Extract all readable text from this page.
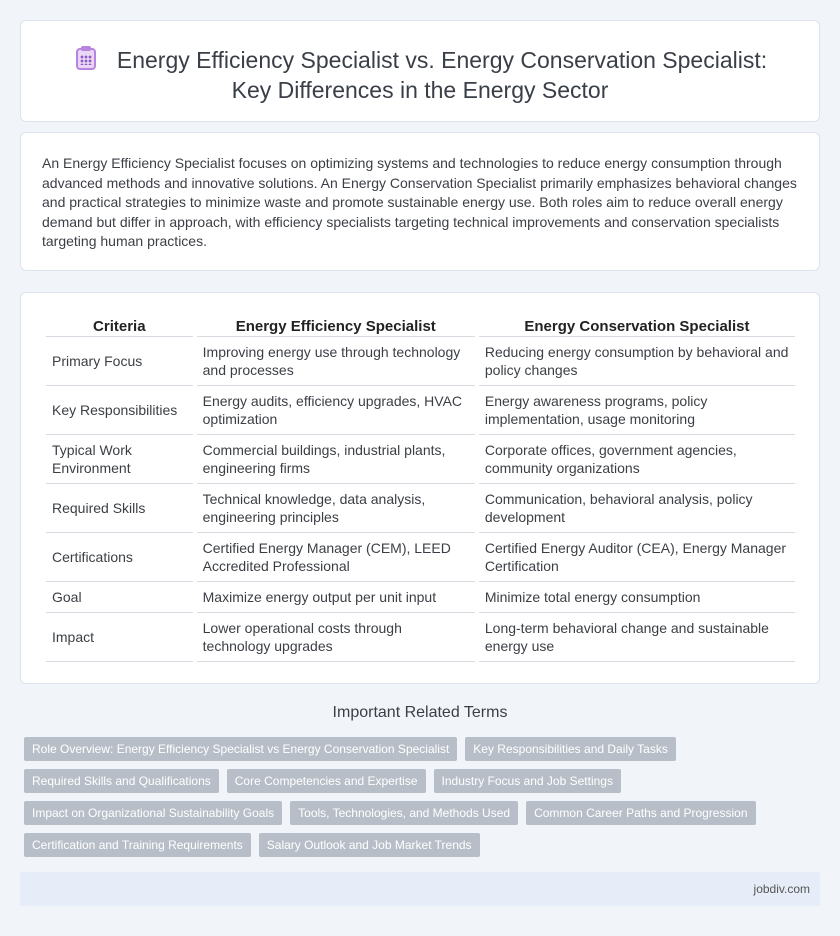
Energy Efficiency Specialist vs. Energy Conservation Specialist:
Key Differences in the Energy Sector

An Energy Efficiency Specialist focuses on optimizing systems and technologies to reduce energy consumption through advanced methods and innovative solutions. An Energy Conservation Specialist primarily emphasizes behavioral changes and practical strategies to minimize waste and promote sustainable energy use. Both roles aim to reduce overall energy demand but differ in approach, with efficiency specialists targeting technical improvements and conservation specialists targeting human practices.

Criteria	Energy Efficiency Specialist	Energy Conservation Specialist
Primary Focus	Improving energy use through technology and processes	Reducing energy consumption by behavioral and policy changes
Key Responsibilities	Energy audits, efficiency upgrades, HVAC optimization	Energy awareness programs, policy implementation, usage monitoring
Typical Work Environment	Commercial buildings, industrial plants, engineering firms	Corporate offices, government agencies, community organizations
Required Skills	Technical knowledge, data analysis, engineering principles	Communication, behavioral analysis, policy development
Certifications	Certified Energy Manager (CEM), LEED Accredited Professional	Certified Energy Auditor (CEA), Energy Manager Certification
Goal	Maximize energy output per unit input	Minimize total energy consumption
Impact	Lower operational costs through technology upgrades	Long-term behavioral change and sustainable energy use
Important Related Terms
Role Overview: Energy Efficiency Specialist vs Energy Conservation Specialist	Key Responsibilities and Daily Tasks
Required Skills and Qualifications	Core Competencies and Expertise	Industry Focus and Job Settings
Impact on Organizational Sustainability Goals	Tools, Technologies, and Methods Used	Common Career Paths and Progression
Certification and Training Requirements	Salary Outlook and Job Market Trends
jobdiv.com
